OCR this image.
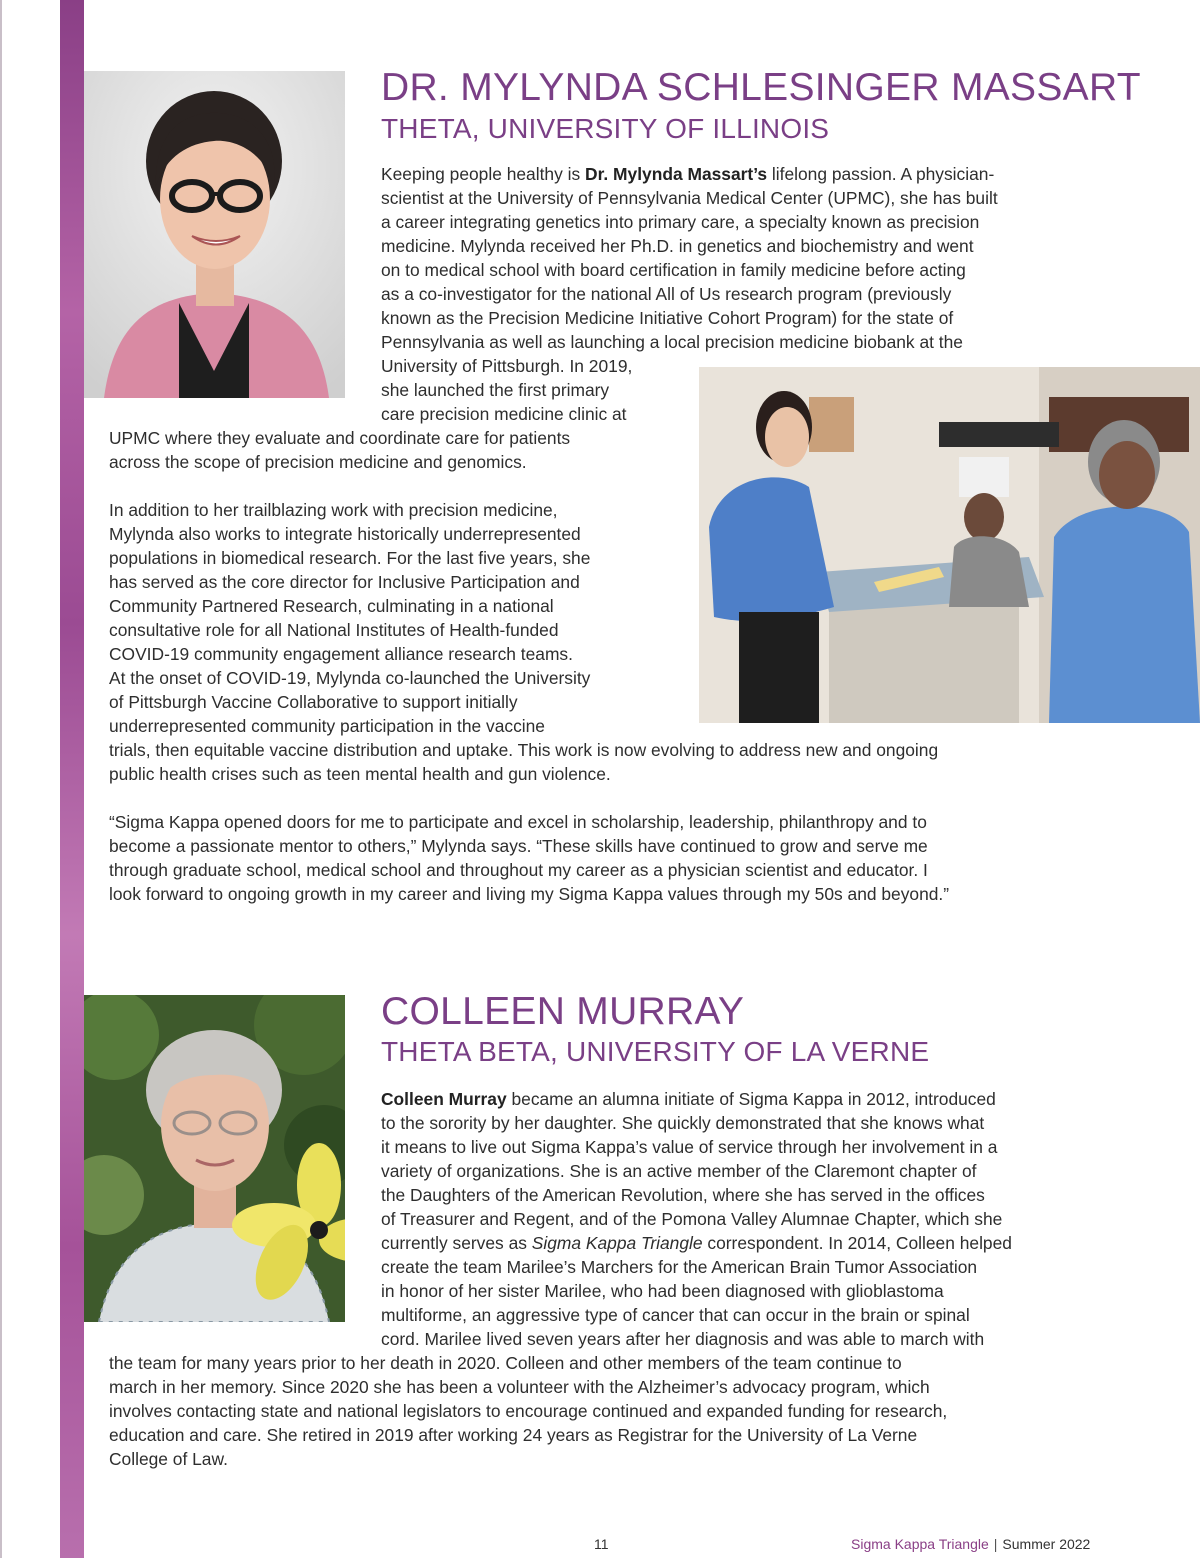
DR. MYLYNDA SCHLESINGER MASSART
THETA, UNIVERSITY OF ILLINOIS

Keeping people healthy is Dr. Mylynda Massart’s lifelong passion. A physician-

scientist at the University of Pennsylvania Medical Center (UPMC), she has built

a career integrating genetics into primary care, a specialty known as precision

medicine. Mylynda received her Ph.D. in genetics and biochemistry and went

on to medical school with board certification in family medicine before acting

as a co-investigator for the national All of Us research program (previously

known as the Precision Medicine Initiative Cohort Program) for the state of

Pennsylvania as well as launching a local precision medicine biobank at the

University of Pittsburgh. In 2019,

she launched the first primary

care precision medicine clinic at

UPMC where they evaluate and coordinate care for patients

across the scope of precision medicine and genomics.

In addition to her trailblazing work with precision medicine,

Mylynda also works to integrate historically underrepresented

populations in biomedical research. For the last five years, she

has served as the core director for Inclusive Participation and

Community Partnered Research, culminating in a national

consultative role for all National Institutes of Health-funded

COVID-19 community engagement alliance research teams.

At the onset of COVID-19, Mylynda co-launched the University

of Pittsburgh Vaccine Collaborative to support initially

underrepresented community participation in the vaccine

trials, then equitable vaccine distribution and uptake. This work is now evolving to address new and ongoing

public health crises such as teen mental health and gun violence.

“Sigma Kappa opened doors for me to participate and excel in scholarship, leadership, philanthropy and to

become a passionate mentor to others,” Mylynda says. “These skills have continued to grow and serve me

through graduate school, medical school and throughout my career as a physician scientist and educator. I

look forward to ongoing growth in my career and living my Sigma Kappa values through my 50s and beyond.”

COLLEEN MURRAY
THETA BETA, UNIVERSITY OF LA VERNE

Colleen Murray became an alumna initiate of Sigma Kappa in 2012, introduced

to the sorority by her daughter. She quickly demonstrated that she knows what

it means to live out Sigma Kappa’s value of service through her involvement in a

variety of organizations. She is an active member of the Claremont chapter of

the Daughters of the American Revolution, where she has served in the offices

of Treasurer and Regent, and of the Pomona Valley Alumnae Chapter, which she

currently serves as Sigma Kappa Triangle correspondent. In 2014, Colleen helped

create the team Marilee’s Marchers for the American Brain Tumor Association

in honor of her sister Marilee, who had been diagnosed with glioblastoma

multiforme, an aggressive type of cancer that can occur in the brain or spinal

cord. Marilee lived seven years after her diagnosis and was able to march with

the team for many years prior to her death in 2020. Colleen and other members of the team continue to

march in her memory. Since 2020 she has been a volunteer with the Alzheimer’s advocacy program, which

involves contacting state and national legislators to encourage continued and expanded funding for research,

education and care. She retired in 2019 after working 24 years as Registrar for the University of La Verne

College of Law.

11	Sigma Kappa Triangle | Summer 2022
